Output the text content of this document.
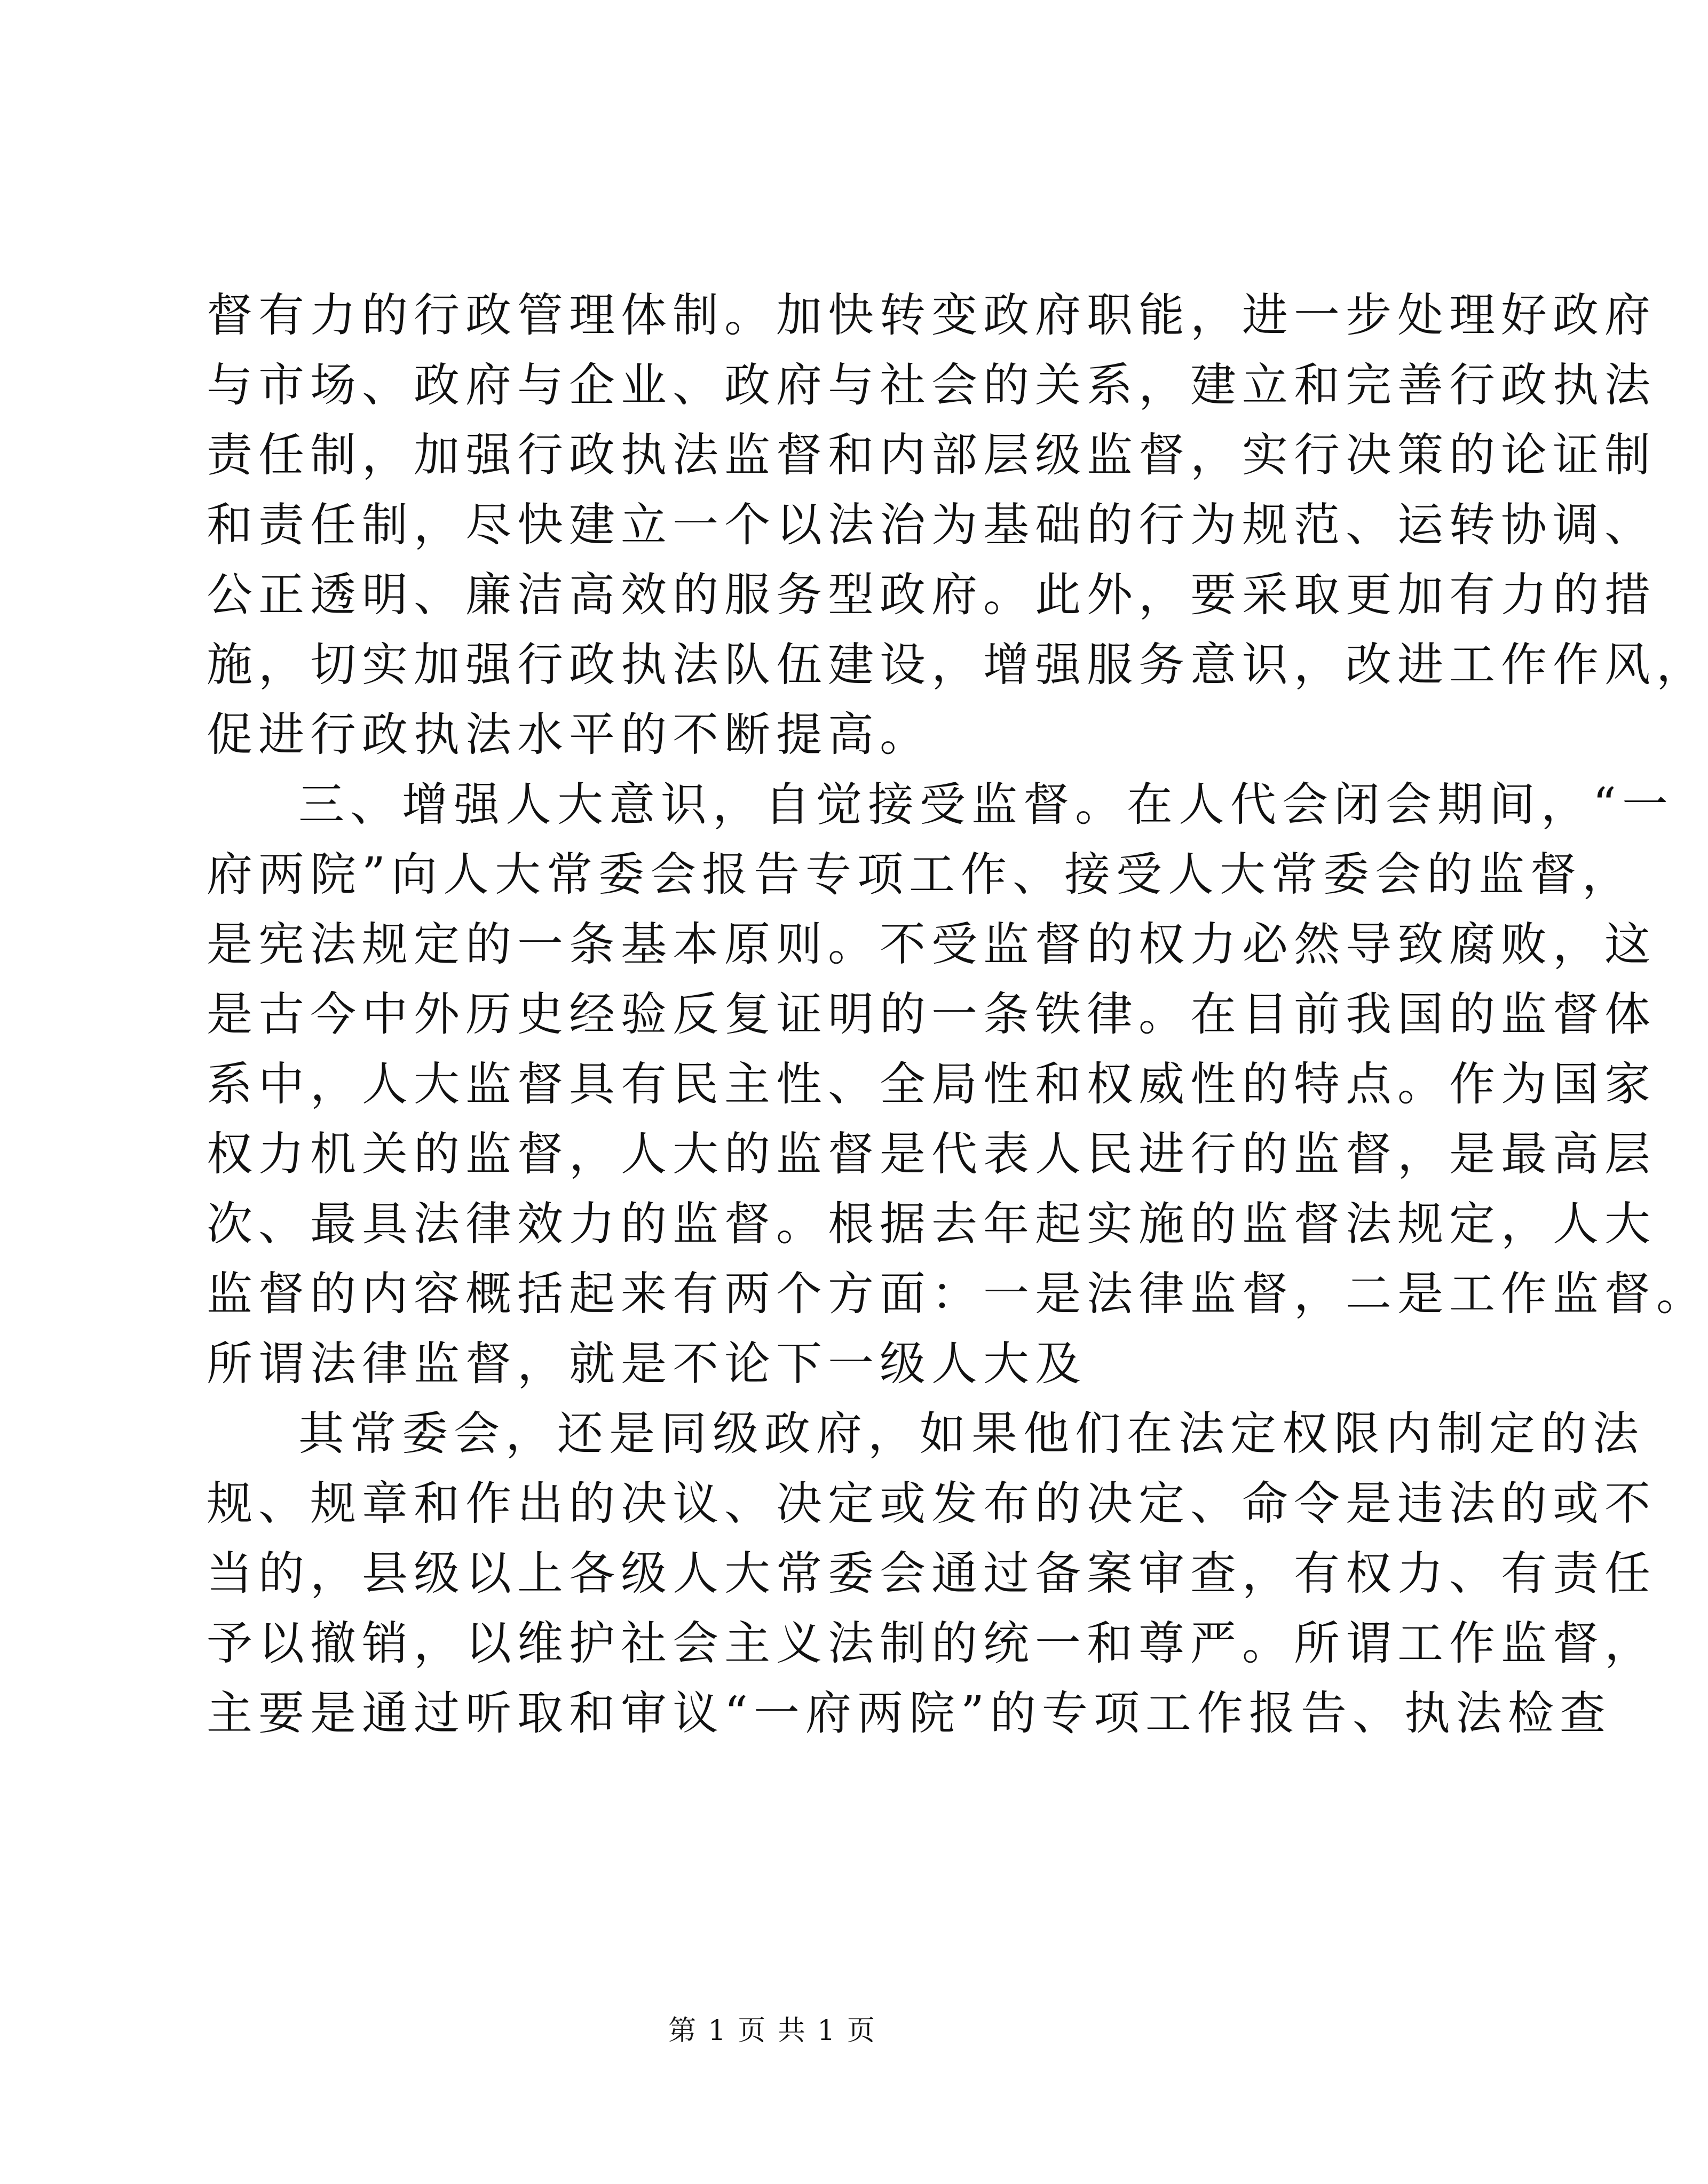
督有力的行政管理体制。加快转变政府职能，进一步处理好政府
与市场、政府与企业、政府与社会的关系，建立和完善行政执法
责任制，加强行政执法监督和内部层级监督，实行决策的论证制
和责任制，尽快建立一个以法治为基础的行为规范、运转协调、
公正透明、廉洁高效的服务型政府。此外，要采取更加有力的措
施，切实加强行政执法队伍建设，增强服务意识，改进工作作风，
促进行政执法水平的不断提高。
三、增强人大意识，自觉接受监督。在人代会闭会期间，“一
府两院”向人大常委会报告专项工作、接受人大常委会的监督，
是宪法规定的一条基本原则。不受监督的权力必然导致腐败，这
是古今中外历史经验反复证明的一条铁律。在目前我国的监督体
系中，人大监督具有民主性、全局性和权威性的特点。作为国家
权力机关的监督，人大的监督是代表人民进行的监督，是最高层
次、最具法律效力的监督。根据去年起实施的监督法规定，人大
监督的内容概括起来有两个方面：一是法律监督，二是工作监督。
所谓法律监督，就是不论下一级人大及
其常委会，还是同级政府，如果他们在法定权限内制定的法
规、规章和作出的决议、决定或发布的决定、命令是违法的或不
当的，县级以上各级人大常委会通过备案审查，有权力、有责任
予以撤销，以维护社会主义法制的统一和尊严。所谓工作监督，
主要是通过听取和审议“一府两院”的专项工作报告、执法检查
第 1 页 共 1 页
